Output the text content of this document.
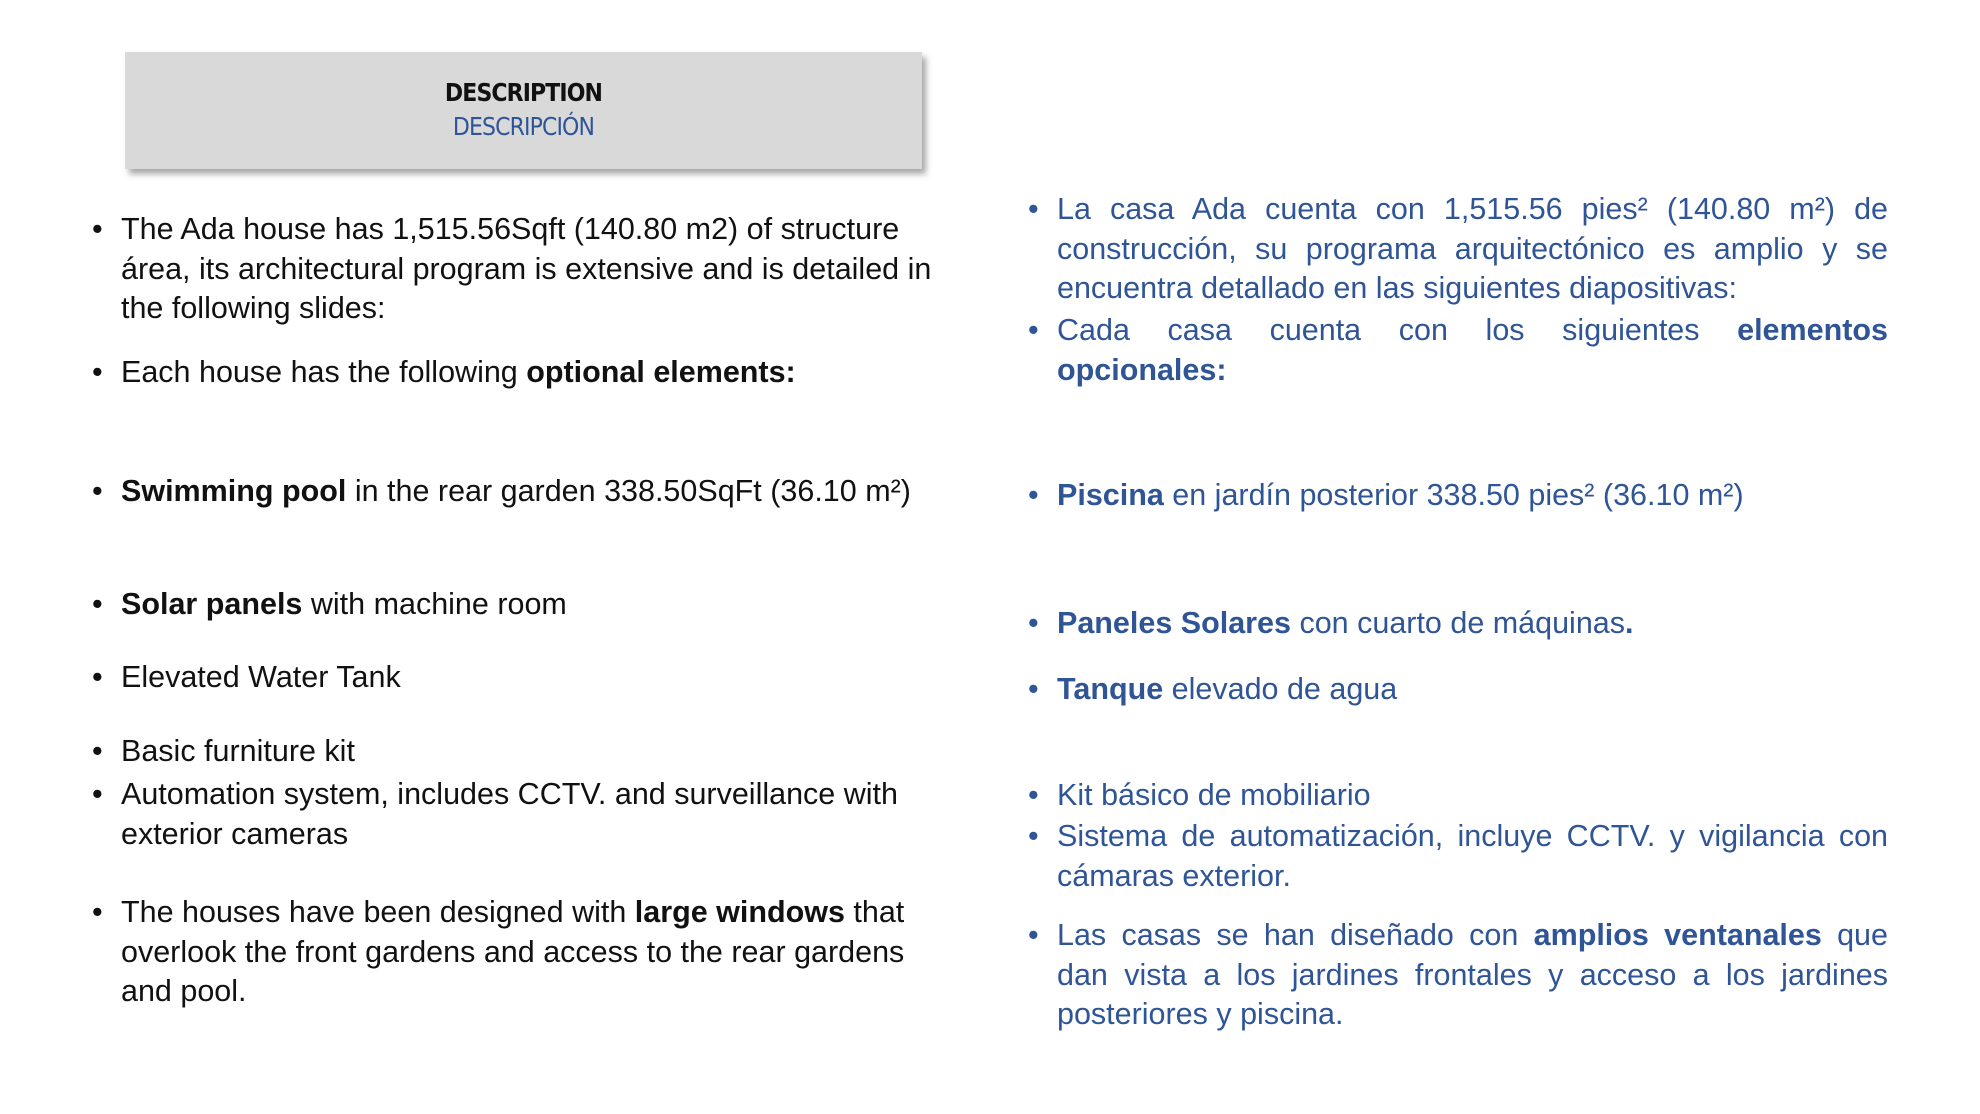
DESCRIPTION
DESCRIPCIÓN
• The Ada house has 1,515.56Sqft (140.80 m2) of structure área, its architectural program is extensive and is detailed in the following slides:
• Each house has the following optional elements:
• Swimming pool in the rear garden 338.50SqFt (36.10 m²)
• Solar panels with machine room
• Elevated Water Tank
• Basic furniture kit
• Automation system, includes CCTV. and surveillance with exterior cameras
• The houses have been designed with large windows that overlook the front gardens and access to the rear gardens and pool.
• La casa Ada cuenta con 1,515.56 pies² (140.80 m²) de construcción, su programa arquitectónico es amplio y se encuentra detallado en las siguientes diapositivas:
• Cada casa cuenta con los siguientes elementos opcionales:
• Piscina en jardín posterior 338.50 pies² (36.10 m²)
• Paneles Solares con cuarto de máquinas.
• Tanque elevado de agua
• Kit básico de mobiliario
• Sistema de automatización, incluye CCTV. y vigilancia con cámaras exterior.
• Las casas se han diseñado con amplios ventanales que dan vista a los jardines frontales y acceso a los jardines posteriores y piscina.
